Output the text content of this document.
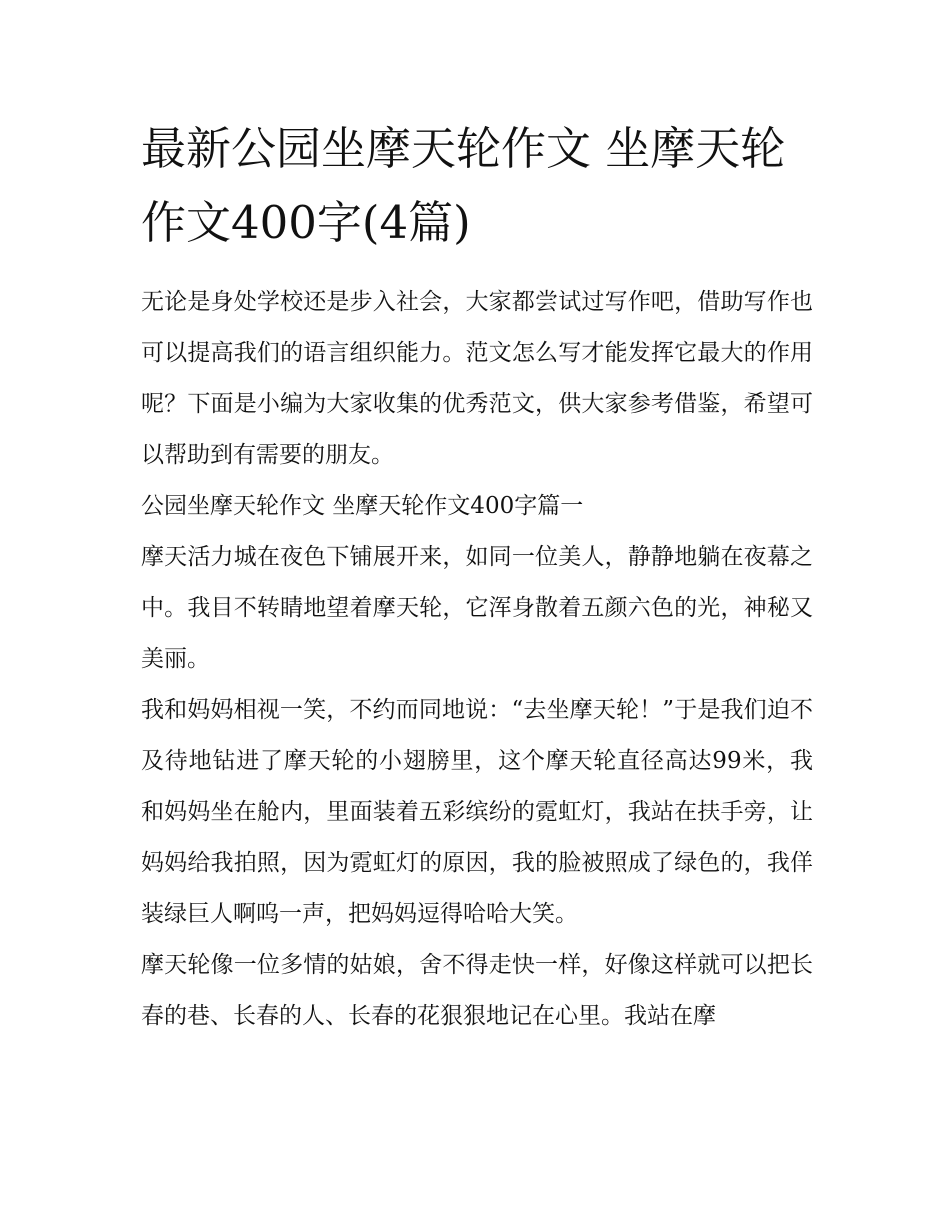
最新公园坐摩天轮作文 坐摩天轮作文400字(4篇)

无论是身处学校还是步入社会，大家都尝试过写作吧，借助写作也可以提高我们的语言组织能力。范文怎么写才能发挥它最大的作用呢？下面是小编为大家收集的优秀范文，供大家参考借鉴，希望可以帮助到有需要的朋友。

公园坐摩天轮作文 坐摩天轮作文400字篇一

摩天活力城在夜色下铺展开来，如同一位美人，静静地躺在夜幕之中。我目不转睛地望着摩天轮，它浑身散着五颜六色的光，神秘又美丽。

我和妈妈相视一笑，不约而同地说：“去坐摩天轮！”于是我们迫不及待地钻进了摩天轮的小翅膀里，这个摩天轮直径高达99米，我和妈妈坐在舱内，里面装着五彩缤纷的霓虹灯，我站在扶手旁，让妈妈给我拍照，因为霓虹灯的原因，我的脸被照成了绿色的，我佯装绿巨人啊呜一声，把妈妈逗得哈哈大笑。

摩天轮像一位多情的姑娘，舍不得走快一样，好像这样就可以把长春的巷、长春的人、长春的花狠狠地记在心里。我站在摩
